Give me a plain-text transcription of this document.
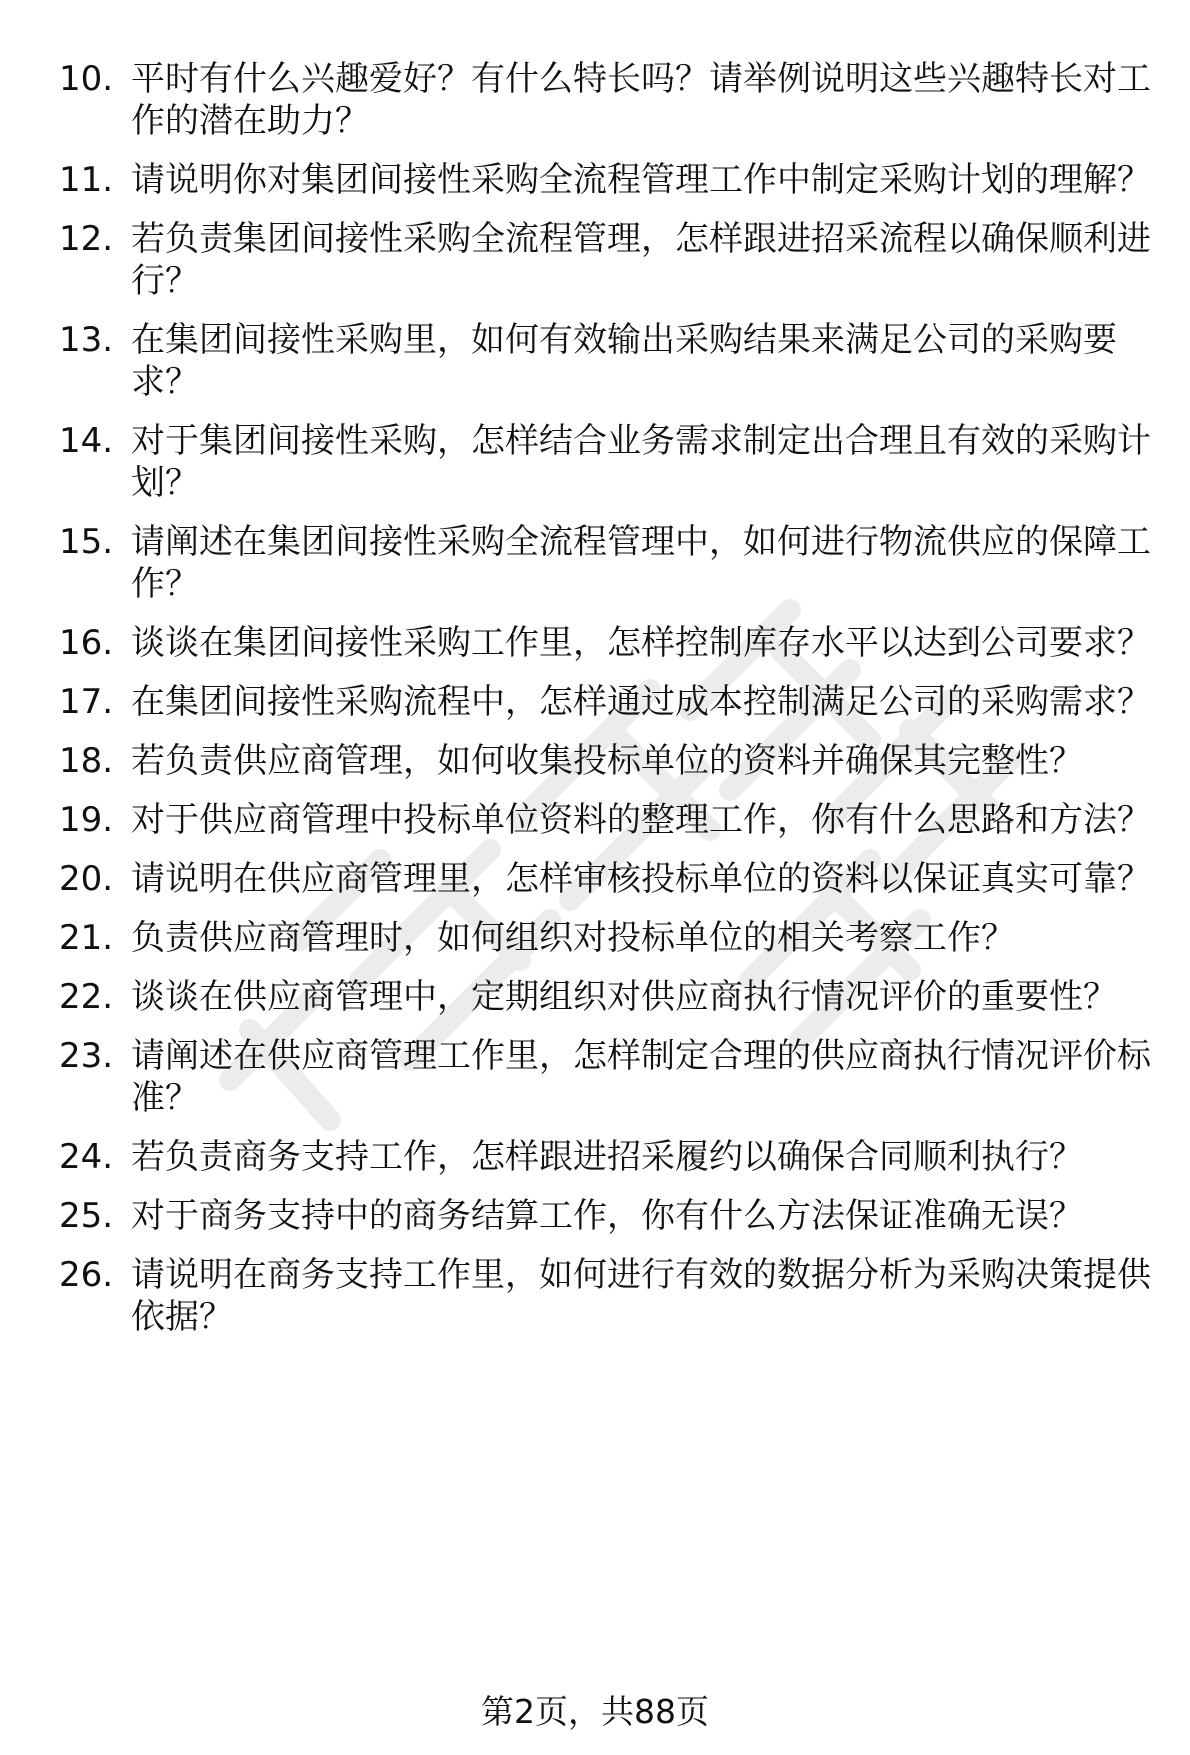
10. 平时有什么兴趣爱好？有什么特长吗？请举例说明这些兴趣特长对工作的潜在助力？
11. 请说明你对集团间接性采购全流程管理工作中制定采购计划的理解？
12. 若负责集团间接性采购全流程管理，怎样跟进招采流程以确保顺利进行？
13. 在集团间接性采购里，如何有效输出采购结果来满足公司的采购要求？
14. 对于集团间接性采购，怎样结合业务需求制定出合理且有效的采购计划？
15. 请阐述在集团间接性采购全流程管理中，如何进行物流供应的保障工作？
16. 谈谈在集团间接性采购工作里，怎样控制库存水平以达到公司要求？
17. 在集团间接性采购流程中，怎样通过成本控制满足公司的采购需求？
18. 若负责供应商管理，如何收集投标单位的资料并确保其完整性？
19. 对于供应商管理中投标单位资料的整理工作，你有什么思路和方法？
20. 请说明在供应商管理里，怎样审核投标单位的资料以保证真实可靠？
21. 负责供应商管理时，如何组织对投标单位的相关考察工作？
22. 谈谈在供应商管理中，定期组织对供应商执行情况评价的重要性？
23. 请阐述在供应商管理工作里，怎样制定合理的供应商执行情况评价标准？
24. 若负责商务支持工作，怎样跟进招采履约以确保合同顺利执行？
25. 对于商务支持中的商务结算工作，你有什么方法保证准确无误？
26. 请说明在商务支持工作里，如何进行有效的数据分析为采购决策提供依据？
第2页，共88页
